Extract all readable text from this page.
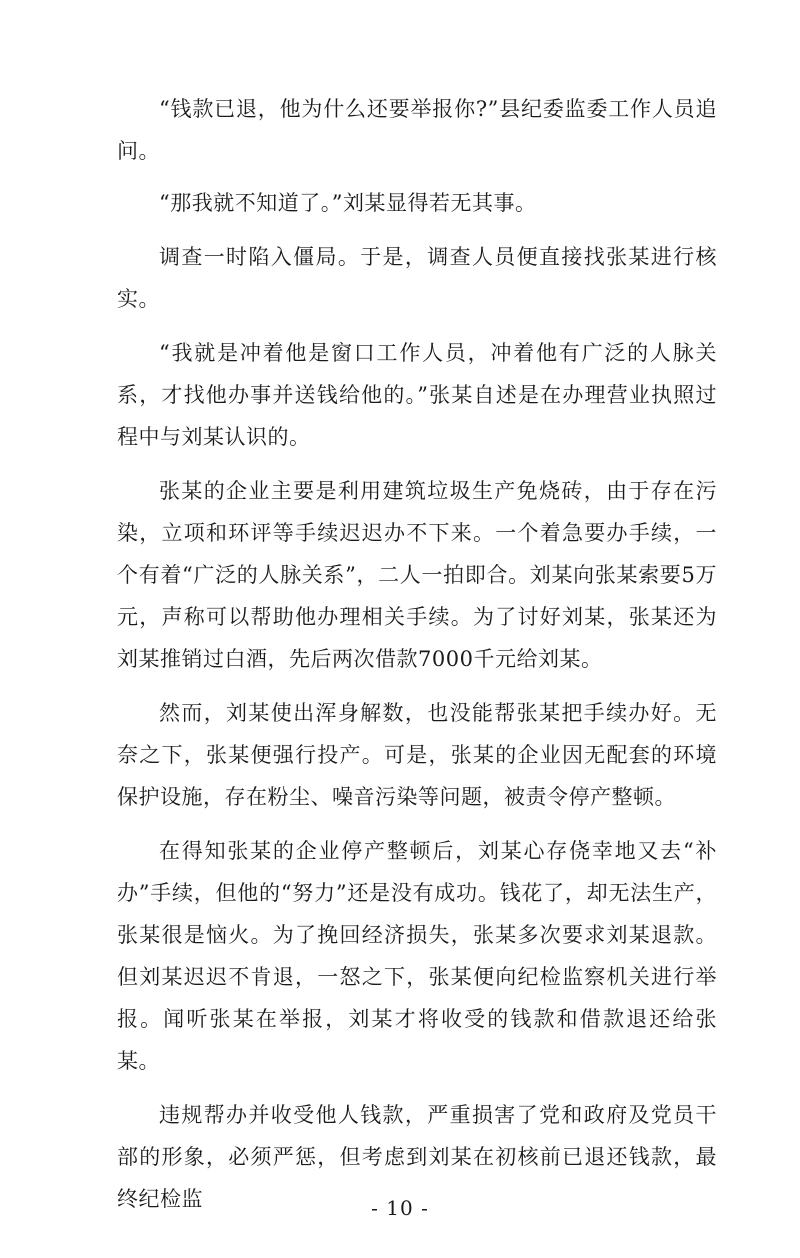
“钱款已退，他为什么还要举报你?”县纪委监委工作人员追问。

“那我就不知道了。”刘某显得若无其事。

调查一时陷入僵局。于是，调查人员便直接找张某进行核实。

“我就是冲着他是窗口工作人员，冲着他有广泛的人脉关系，才找他办事并送钱给他的。”张某自述是在办理营业执照过程中与刘某认识的。

张某的企业主要是利用建筑垃圾生产免烧砖，由于存在污染，立项和环评等手续迟迟办不下来。一个着急要办手续，一个有着“广泛的人脉关系”，二人一拍即合。刘某向张某索要5万元，声称可以帮助他办理相关手续。为了讨好刘某，张某还为刘某推销过白酒，先后两次借款7000千元给刘某。

然而，刘某使出浑身解数，也没能帮张某把手续办好。无奈之下，张某便强行投产。可是，张某的企业因无配套的环境保护设施，存在粉尘、噪音污染等问题，被责令停产整顿。

在得知张某的企业停产整顿后，刘某心存侥幸地又去“补办”手续，但他的“努力”还是没有成功。钱花了，却无法生产，张某很是恼火。为了挽回经济损失，张某多次要求刘某退款。但刘某迟迟不肯退，一怒之下，张某便向纪检监察机关进行举报。闻听张某在举报，刘某才将收受的钱款和借款退还给张某。

违规帮办并收受他人钱款，严重损害了党和政府及党员干部的形象，必须严惩，但考虑到刘某在初核前已退还钱款，最终纪检监	- 10 -
